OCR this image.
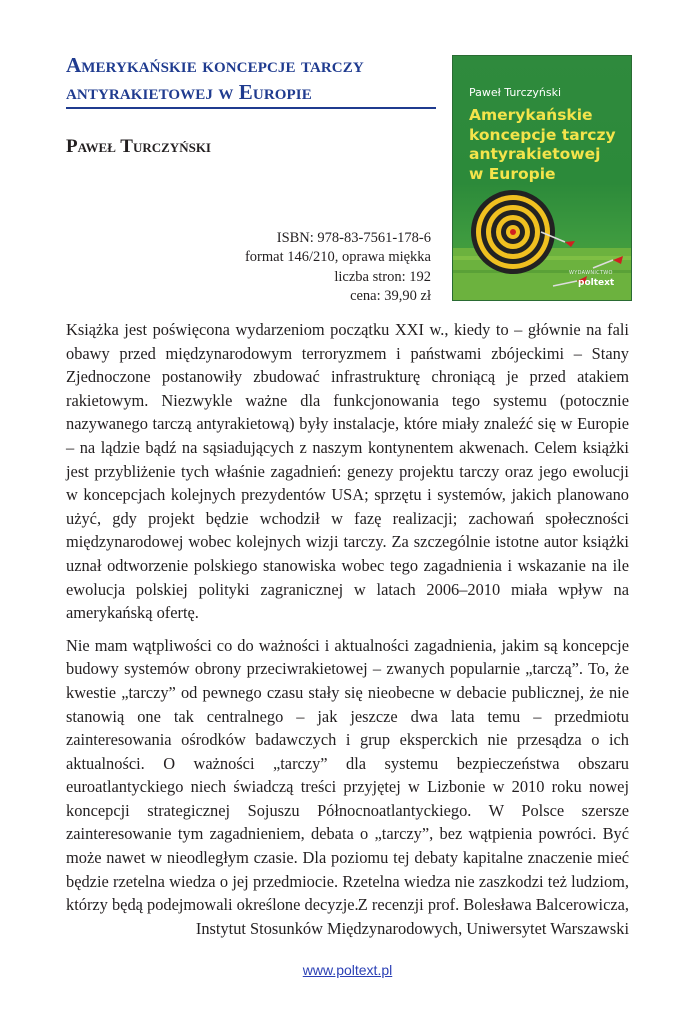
Amerykańskie koncepcje tarczy antyrakietowej w Europie
Paweł Turczyński
ISBN: 978-83-7561-178-6
format 146/210, oprawa miękka
liczba stron: 192
cena: 39,90 zł
Paweł Turczyński
Amerykańskie
koncepcje tarczy
antyrakietowej
w Europie
WYDAWNICTWO
poltext

Książka jest poświęcona wydarzeniom początku XXI w., kiedy to – głównie na fali obawy przed międzynarodowym terroryzmem i państwami zbójeckimi – Stany Zjednoczone postanowiły zbudować infrastrukturę chroniącą je przed atakiem rakietowym. Niezwykle ważne dla funkcjonowania tego systemu (potocznie nazywanego tarczą antyrakietową) były instalacje, które miały znaleźć się w Europie – na lądzie bądź na sąsiadujących z naszym kontynentem akwenach. Celem książki jest przybliżenie tych właśnie zagadnień: genezy projektu tarczy oraz jego ewolucji w koncepcjach kolejnych prezydentów USA; sprzętu i systemów, jakich planowano użyć, gdy projekt będzie wchodził w fazę realizacji; zachowań społeczności międzynarodowej wobec kolejnych wizji tarczy. Za szczególnie istotne autor książki uznał odtworzenie polskiego stanowiska wobec tego zagadnienia i wskazanie na ile ewolucja polskiej polityki zagranicznej w latach 2006–2010 miała wpływ na amerykańską ofertę.

Nie mam wątpliwości co do ważności i aktualności zagadnienia, jakim są koncepcje budowy systemów obrony przeciwrakietowej – zwanych popularnie „tarczą”. To, że kwestie „tarczy” od pewnego czasu stały się nieobecne w debacie publicznej, że nie stanowią one tak centralnego – jak jeszcze dwa lata temu – przedmiotu zainteresowania ośrodków badawczych i grup eksperckich nie przesądza o ich aktualności. O ważności „tarczy” dla systemu bezpieczeństwa obszaru euroatlantyckiego niech świadczą treści przyjętej w Lizbonie w 2010 roku nowej koncepcji strategicznej Sojuszu Północnoatlantyckiego. W Polsce szersze zainteresowanie tym zagadnieniem, debata o „tarczy”, bez wątpienia powróci. Być może nawet w nieodległym czasie. Dla poziomu tej debaty kapitalne znaczenie mieć będzie rzetelna wiedza o jej przedmiocie. Rzetelna wiedza nie zaszkodzi też ludziom, którzy będą podejmowali określone decyzje. Z recenzji prof. Bolesława Balcerowicza,
Instytut Stosunków Międzynarodowych, Uniwersytet Warszawski
www.poltext.pl
